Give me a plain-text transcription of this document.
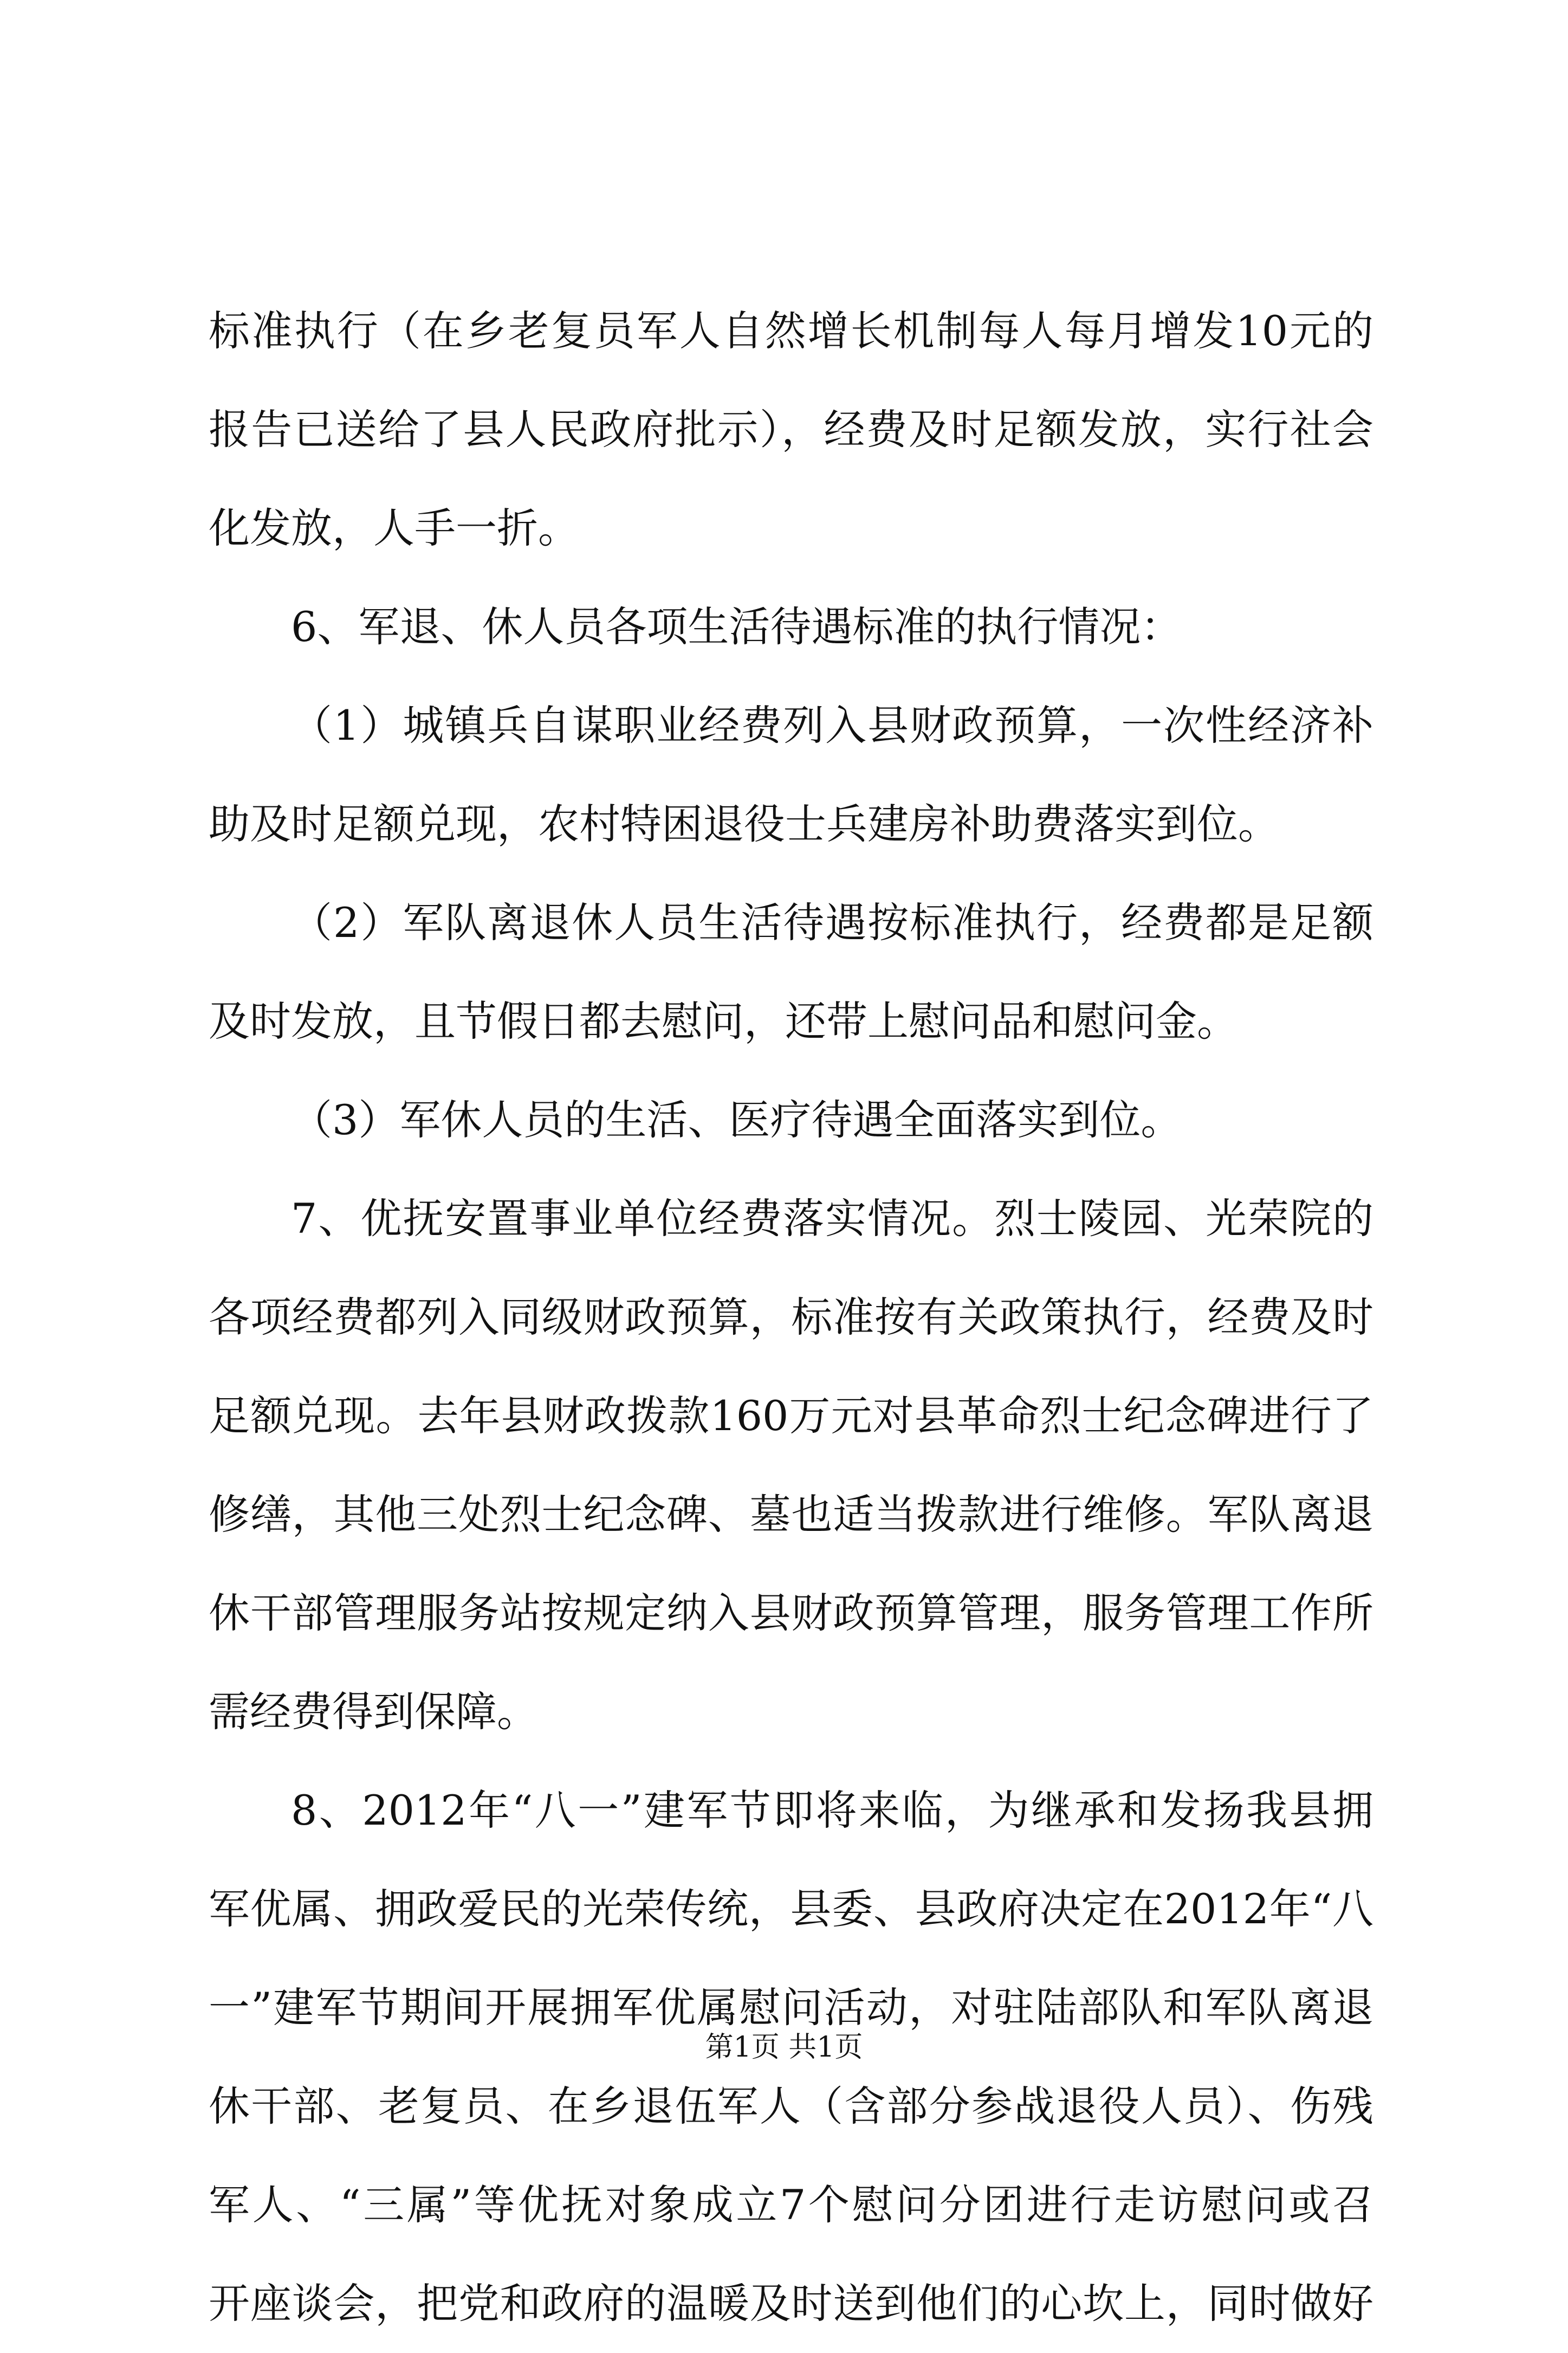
标准执行（在乡老复员军人自然增长机制每人每月增发10元的
报告已送给了县人民政府批示），经费及时足额发放，实行社会
化发放，人手一折。
6、军退、休人员各项生活待遇标准的执行情况：
（1）城镇兵自谋职业经费列入县财政预算，一次性经济补
助及时足额兑现，农村特困退役士兵建房补助费落实到位。
（2）军队离退休人员生活待遇按标准执行，经费都是足额
及时发放，且节假日都去慰问，还带上慰问品和慰问金。
（3）军休人员的生活、医疗待遇全面落实到位。
7、优抚安置事业单位经费落实情况。烈士陵园、光荣院的
各项经费都列入同级财政预算，标准按有关政策执行，经费及时
足额兑现。去年县财政拨款160万元对县革命烈士纪念碑进行了
修缮，其他三处烈士纪念碑、墓也适当拨款进行维修。军队离退
休干部管理服务站按规定纳入县财政预算管理，服务管理工作所
需经费得到保障。
8、2012年“八一”建军节即将来临，为继承和发扬我县拥
军优属、拥政爱民的光荣传统，县委、县政府决定在2012年“八
一”建军节期间开展拥军优属慰问活动，对驻陆部队和军队离退
休干部、老复员、在乡退伍军人（含部分参战退役人员）、伤残
军人、“三属”等优抚对象成立7个慰问分团进行走访慰问或召
开座谈会，把党和政府的温暖及时送到他们的心坎上，同时做好
第1页 共1页
